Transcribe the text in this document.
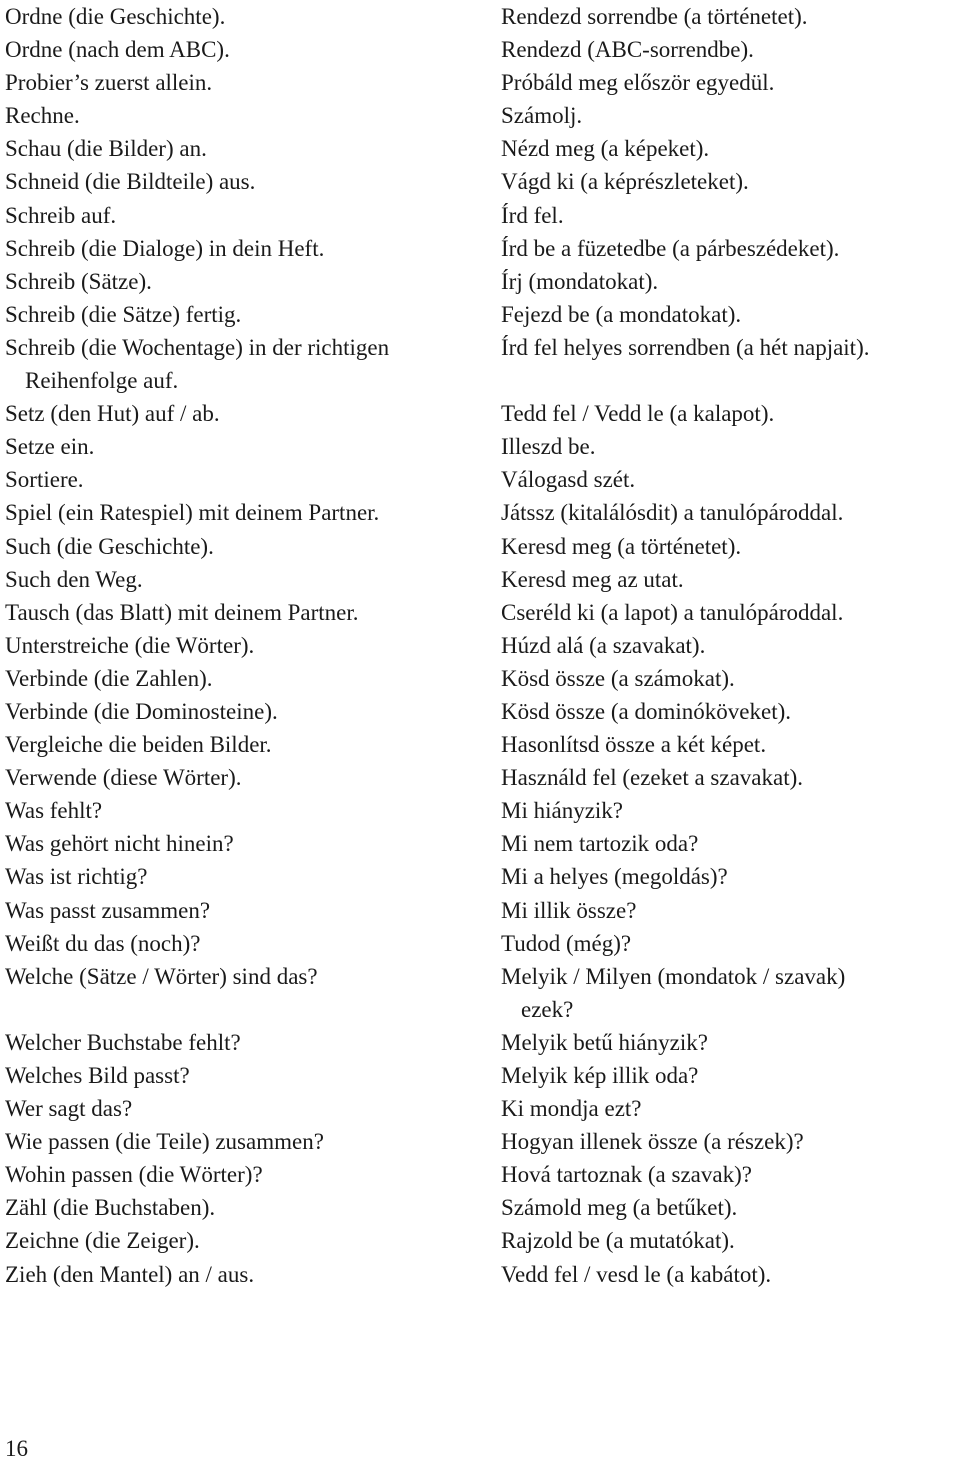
Ordne (die Geschichte).	Rendezd sorrendbe (a történetet).
Ordne (nach dem ABC).	Rendezd (ABC-sorrendbe).
Probier’s zuerst allein.	Próbáld meg először egyedül.
Rechne.	Számolj.
Schau (die Bilder) an.	Nézd meg (a képeket).
Schneid (die Bildteile) aus.	Vágd ki (a képrészleteket).
Schreib auf.	Írd fel.
Schreib (die Dialoge) in dein Heft.	Írd be a füzetedbe (a párbeszédeket).
Schreib (Sätze).	Írj (mondatokat).
Schreib (die Sätze) fertig.	Fejezd be (a mondatokat).
Schreib (die Wochentage) in der richtigen	Írd fel helyes sorrendben (a hét napjait).
Reihenfolge auf.
Setz (den Hut) auf / ab.	Tedd fel / Vedd le (a kalapot).
Setze ein.	Illeszd be.
Sortiere.	Válogasd szét.
Spiel (ein Ratespiel) mit deinem Partner.	Játssz (kitalálósdit) a tanulópároddal.
Such (die Geschichte).	Keresd meg (a történetet).
Such den Weg.	Keresd meg az utat.
Tausch (das Blatt) mit deinem Partner.	Cseréld ki (a lapot) a tanulópároddal.
Unterstreiche (die Wörter).	Húzd alá (a szavakat).
Verbinde (die Zahlen).	Kösd össze (a számokat).
Verbinde (die Dominosteine).	Kösd össze (a dominóköveket).
Vergleiche die beiden Bilder.	Hasonlítsd össze a két képet.
Verwende (diese Wörter).	Használd fel (ezeket a szavakat).
Was fehlt?	Mi hiányzik?
Was gehört nicht hinein?	Mi nem tartozik oda?
Was ist richtig?	Mi a helyes (megoldás)?
Was passt zusammen?	Mi illik össze?
Weißt du das (noch)?	Tudod (még)?
Welche (Sätze / Wörter) sind das?	Melyik / Milyen (mondatok / szavak)
ezek?
Welcher Buchstabe fehlt?	Melyik betű hiányzik?
Welches Bild passt?	Melyik kép illik oda?
Wer sagt das?	Ki mondja ezt?
Wie passen (die Teile) zusammen?	Hogyan illenek össze (a részek)?
Wohin passen (die Wörter)?	Hová tartoznak (a szavak)?
Zähl (die Buchstaben).	Számold meg (a betűket).
Zeichne (die Zeiger).	Rajzold be (a mutatókat).
Zieh (den Mantel) an / aus.	Vedd fel / vesd le (a kabátot).
16
